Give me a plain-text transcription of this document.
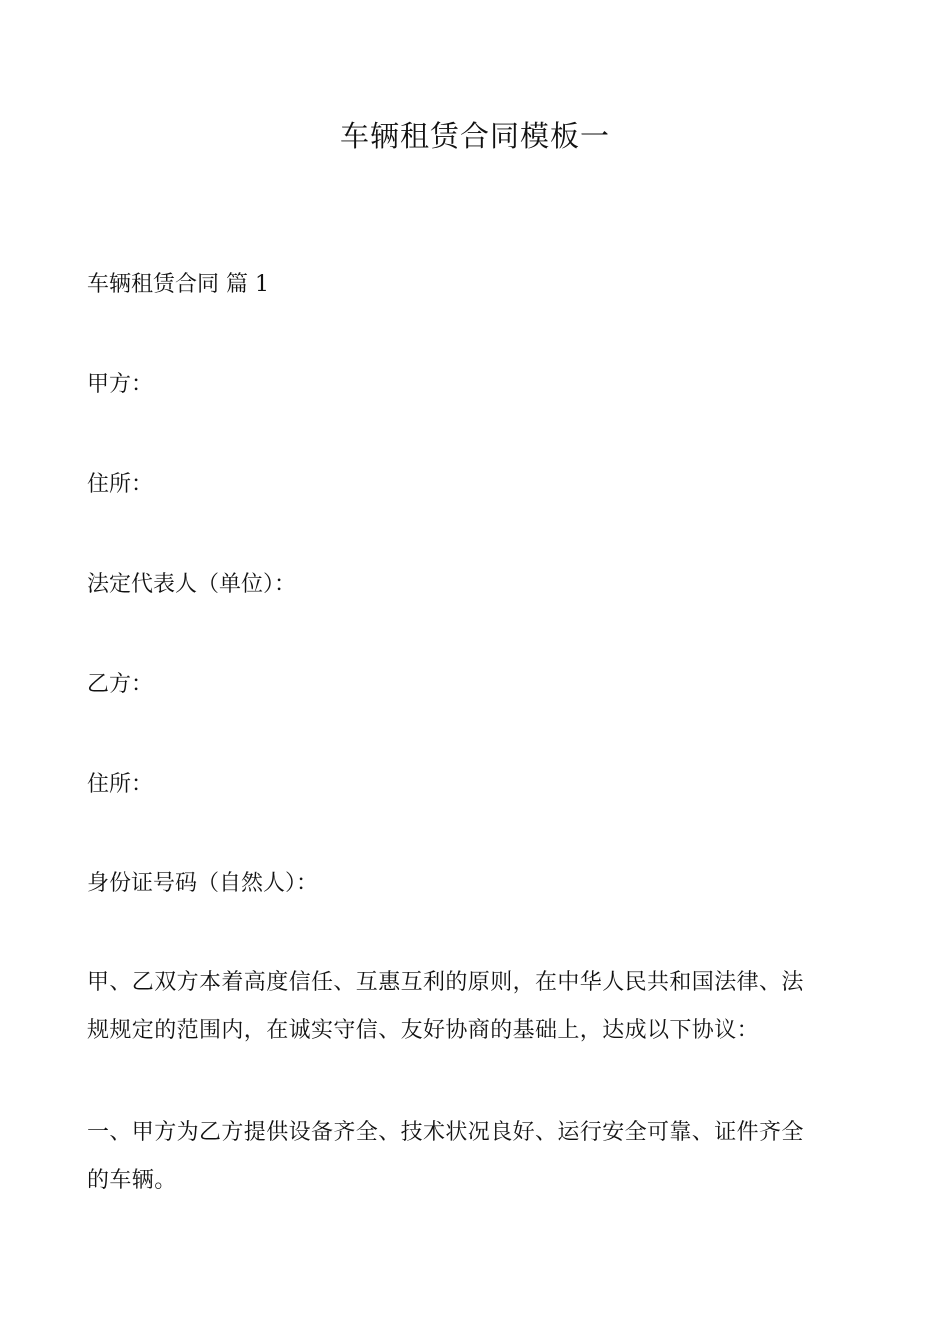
车辆租赁合同模板一

车辆租赁合同 篇 1

甲方：

住所：

法定代表人（单位）：

乙方：

住所：

身份证号码（自然人）：

甲、乙双方本着高度信任、互惠互利的原则，在中华人民共和国法律、法
规规定的范围内，在诚实守信、友好协商的基础上，达成以下协议：
一、甲方为乙方提供设备齐全、技术状况良好、运行安全可靠、证件齐全
的车辆。
